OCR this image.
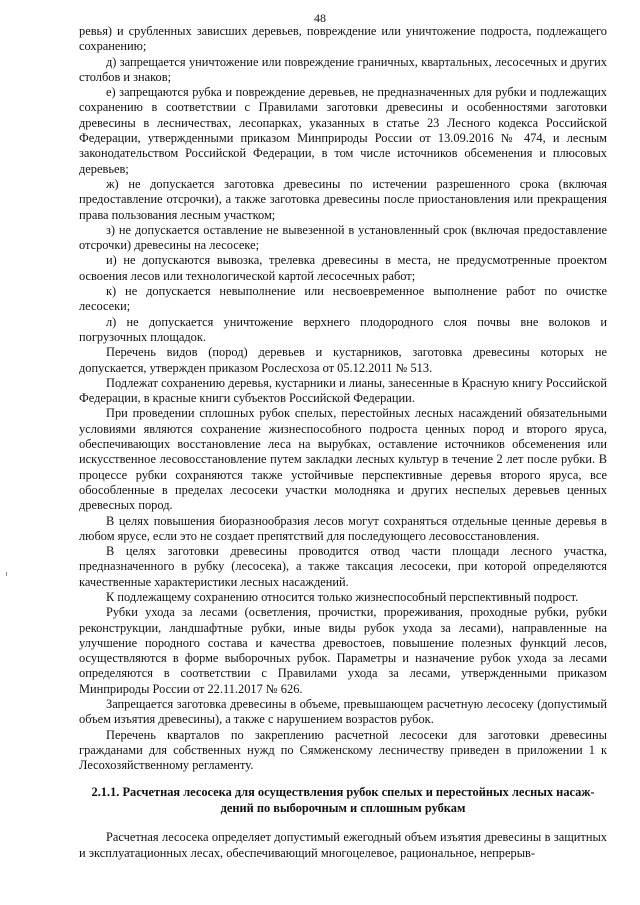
48

ревья) и срубленных зависших деревьев, повреждение или уничтожение подроста, подлежащего сохранению;

д) запрещается уничтожение или повреждение граничных, квартальных, лесосечных и других столбов и знаков;

е) запрещаются рубка и повреждение деревьев, не предназначенных для рубки и подлежащих сохранению в соответствии с Правилами заготовки древесины и особенностями заготовки древесины в лесничествах, лесопарках, указанных в статье 23 Лесного кодекса Российской Федерации, утвержденными приказом Минприроды России от 13.09.2016 № 474, и лесным законодательством Российской Федерации, в том числе источников обсеменения и плюсовых деревьев;

ж) не допускается заготовка древесины по истечении разрешенного срока (включая предоставление отсрочки), а также заготовка древесины после приостановления или прекращения права пользования лесным участком;

з) не допускается оставление не вывезенной в установленный срок (включая предоставление отсрочки) древесины на лесосеке;

и) не допускаются вывозка, трелевка древесины в места, не предусмотренные проектом освоения лесов или технологической картой лесосечных работ;

к) не допускается невыполнение или несвоевременное выполнение работ по очистке лесосеки;

л) не допускается уничтожение верхнего плодородного слоя почвы вне волоков и погрузочных площадок.

Перечень видов (пород) деревьев и кустарников, заготовка древесины которых не допускается, утвержден приказом Рослесхоза от 05.12.2011 № 513.

Подлежат сохранению деревья, кустарники и лианы, занесенные в Красную книгу Российской Федерации, в красные книги субъектов Российской Федерации.

При проведении сплошных рубок спелых, перестойных лесных насаждений обязательными условиями являются сохранение жизнеспособного подроста ценных пород и второго яруса, обеспечивающих восстановление леса на вырубках, оставление источников обсеменения или искусственное лесовосстановление путем закладки лесных культур в течение 2 лет после рубки. В процессе рубки сохраняются также устойчивые перспективные деревья второго яруса, все обособленные в пределах лесосеки участки молодняка и других неспелых деревьев ценных древесных пород.

В целях повышения биоразнообразия лесов могут сохраняться отдельные ценные деревья в любом ярусе, если это не создает препятствий для последующего лесовосстановления.

В целях заготовки древесины проводится отвод части площади лесного участка, предназначенного в рубку (лесосека), а также таксация лесосеки, при которой определяются качественные характеристики лесных насаждений.

К подлежащему сохранению относится только жизнеспособный перспективный подрост.

Рубки ухода за лесами (осветления, прочистки, прореживания, проходные рубки, рубки реконструкции, ландшафтные рубки, иные виды рубок ухода за лесами), направленные на улучшение породного состава и качества древостоев, повышение полезных функций лесов, осуществляются в форме выборочных рубок. Параметры и назначение рубок ухода за лесами определяются в соответствии с Правилами ухода за лесами, утвержденными приказом Минприроды России от 22.11.2017 № 626.

Запрещается заготовка древесины в объеме, превышающем расчетную лесосеку (допустимый объем изъятия древесины), а также с нарушением возрастов рубок.

Перечень кварталов по закреплению расчетной лесосеки для заготовки древесины гражданами для собственных нужд по Сямженскому лесничеству приведен в приложении 1 к Лесохозяйственному регламенту.

2.1.1. Расчетная лесосека для осуществления рубок спелых и перестойных лесных насаж-
дений по выборочным и сплошным рубкам

Расчетная лесосека определяет допустимый ежегодный объем изъятия древесины в защитных и эксплуатационных лесах, обеспечивающий многоцелевое, рациональное, непрерыв-
